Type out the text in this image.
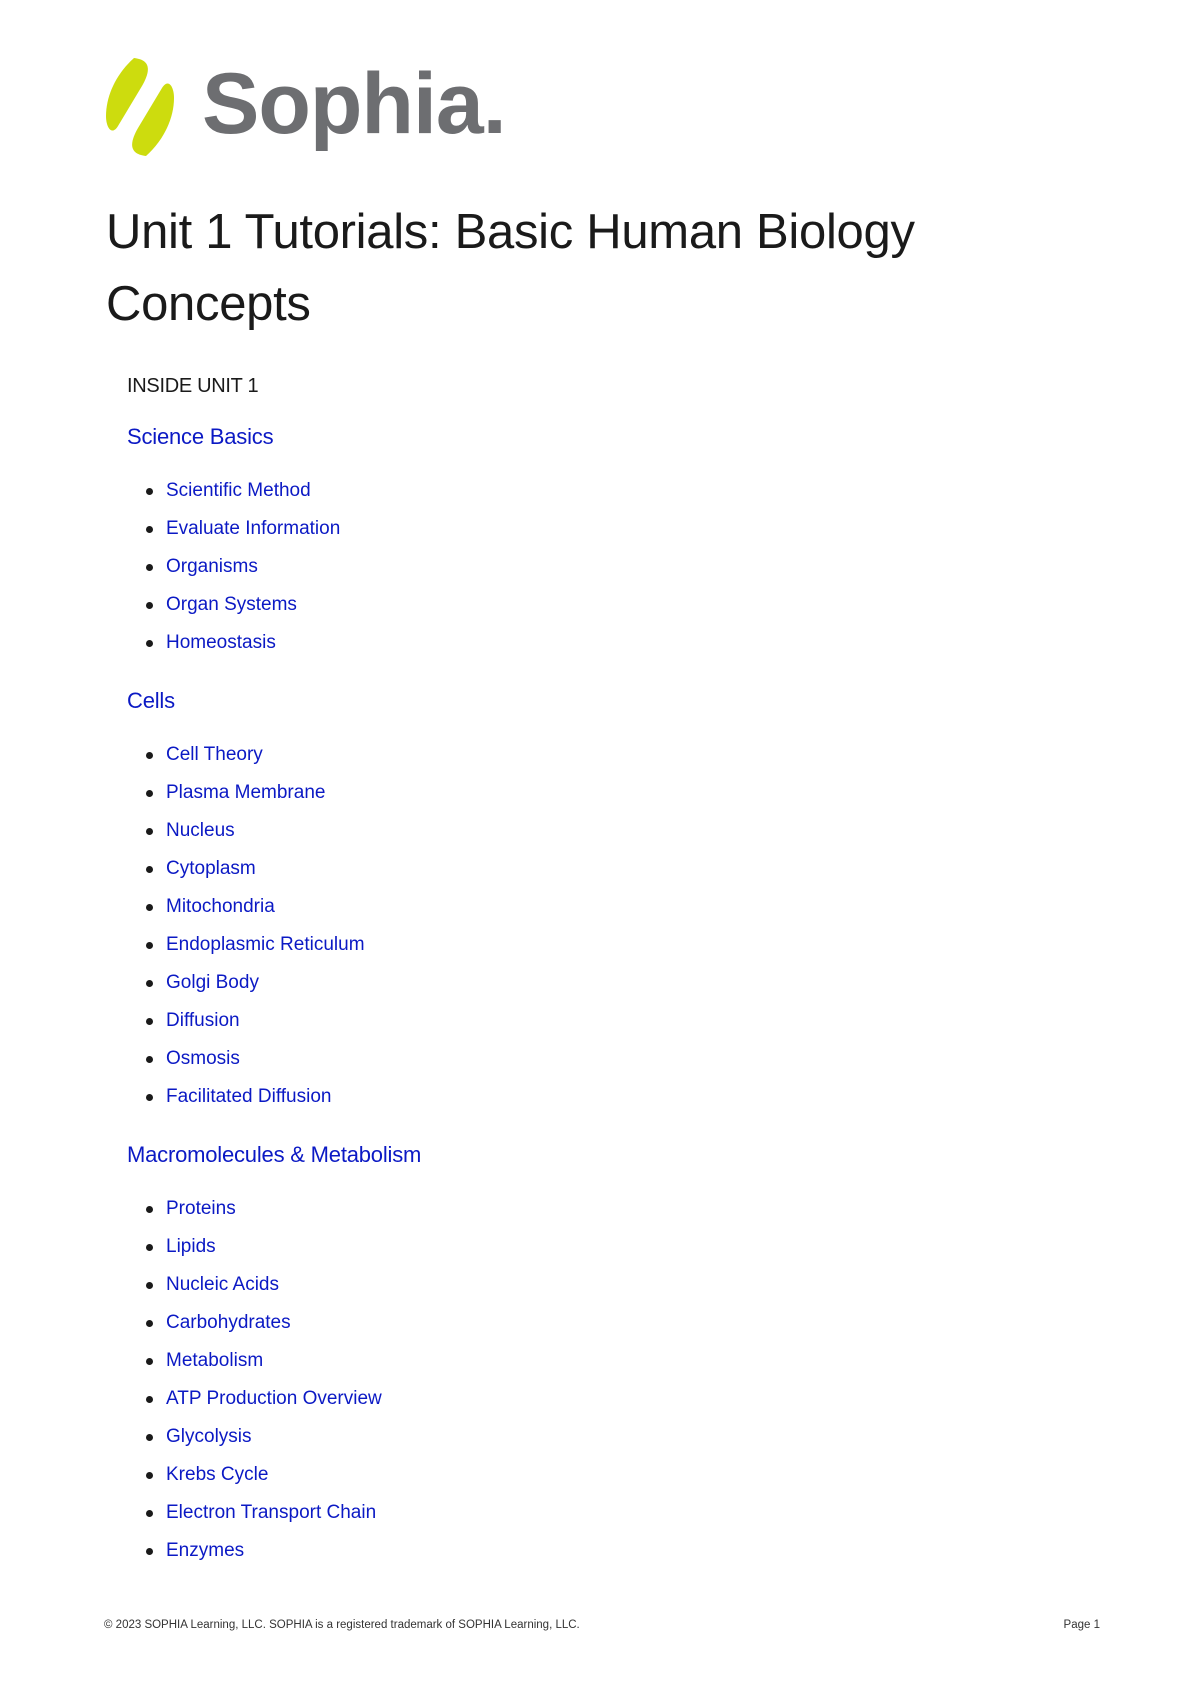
Sophia.
Unit 1 Tutorials: Basic Human Biology Concepts
INSIDE UNIT 1
Science Basics
Scientific Method
Evaluate Information
Organisms
Organ Systems
Homeostasis
Cells
Cell Theory
Plasma Membrane
Nucleus
Cytoplasm
Mitochondria
Endoplasmic Reticulum
Golgi Body
Diffusion
Osmosis
Facilitated Diffusion
Macromolecules & Metabolism
Proteins
Lipids
Nucleic Acids
Carbohydrates
Metabolism
ATP Production Overview
Glycolysis
Krebs Cycle
Electron Transport Chain
Enzymes
© 2023 SOPHIA Learning, LLC. SOPHIA is a registered trademark of SOPHIA Learning, LLC.	Page 1
